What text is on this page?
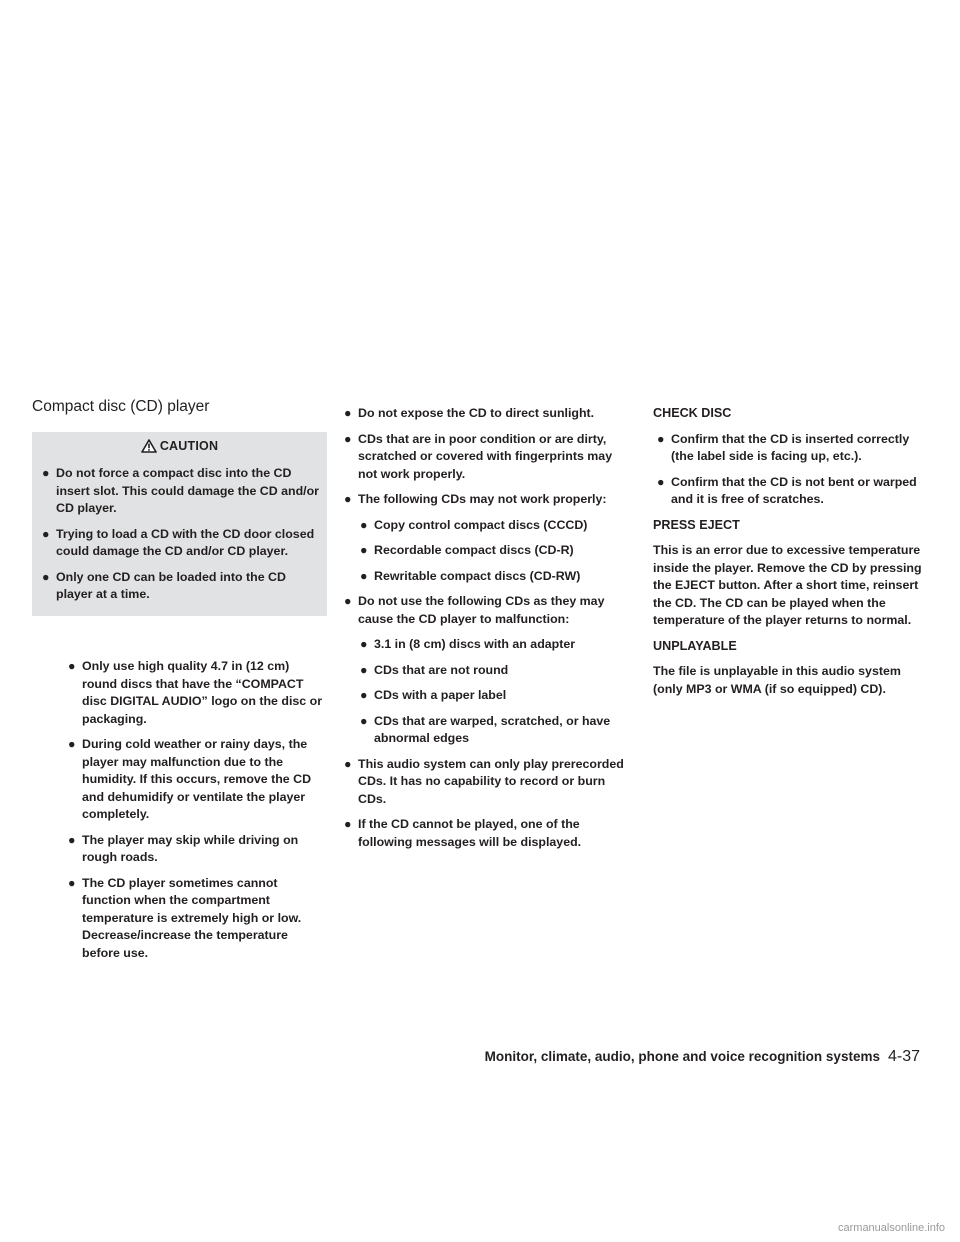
Compact disc (CD) player
CAUTION

● Do not force a compact disc into the CD insert slot. This could damage the CD and/or CD player.

● Trying to load a CD with the CD door closed could damage the CD and/or CD player.

● Only one CD can be loaded into the CD player at a time.

● Only use high quality 4.7 in (12 cm) round discs that have the “COMPACT disc DIGITAL AUDIO” logo on the disc or packaging.

● During cold weather or rainy days, the player may malfunction due to the humidity. If this occurs, remove the CD and dehumidify or ventilate the player completely.

● The player may skip while driving on rough roads.

● The CD player sometimes cannot function when the compartment temperature is extremely high or low. Decrease/increase the temperature before use.

● Do not expose the CD to direct sunlight.

● CDs that are in poor condition or are dirty, scratched or covered with fingerprints may not work properly.

● The following CDs may not work properly:

● Copy control compact discs (CCCD)

● Recordable compact discs (CD-R)

● Rewritable compact discs (CD-RW)

● Do not use the following CDs as they may cause the CD player to malfunction:

● 3.1 in (8 cm) discs with an adapter

● CDs that are not round

● CDs with a paper label

● CDs that are warped, scratched, or have abnormal edges

● This audio system can only play prerecorded CDs. It has no capability to record or burn CDs.

● If the CD cannot be played, one of the following messages will be displayed.

CHECK DISC

● Confirm that the CD is inserted correctly (the label side is facing up, etc.).

● Confirm that the CD is not bent or warped and it is free of scratches.

PRESS EJECT

This is an error due to excessive temperature inside the player. Remove the CD by pressing the EJECT button. After a short time, reinsert the CD. The CD can be played when the temperature of the player returns to normal.

UNPLAYABLE

The file is unplayable in this audio system (only MP3 or WMA (if so equipped) CD).

Monitor, climate, audio, phone and voice recognition systems 4-37
carmanualsonline.info
